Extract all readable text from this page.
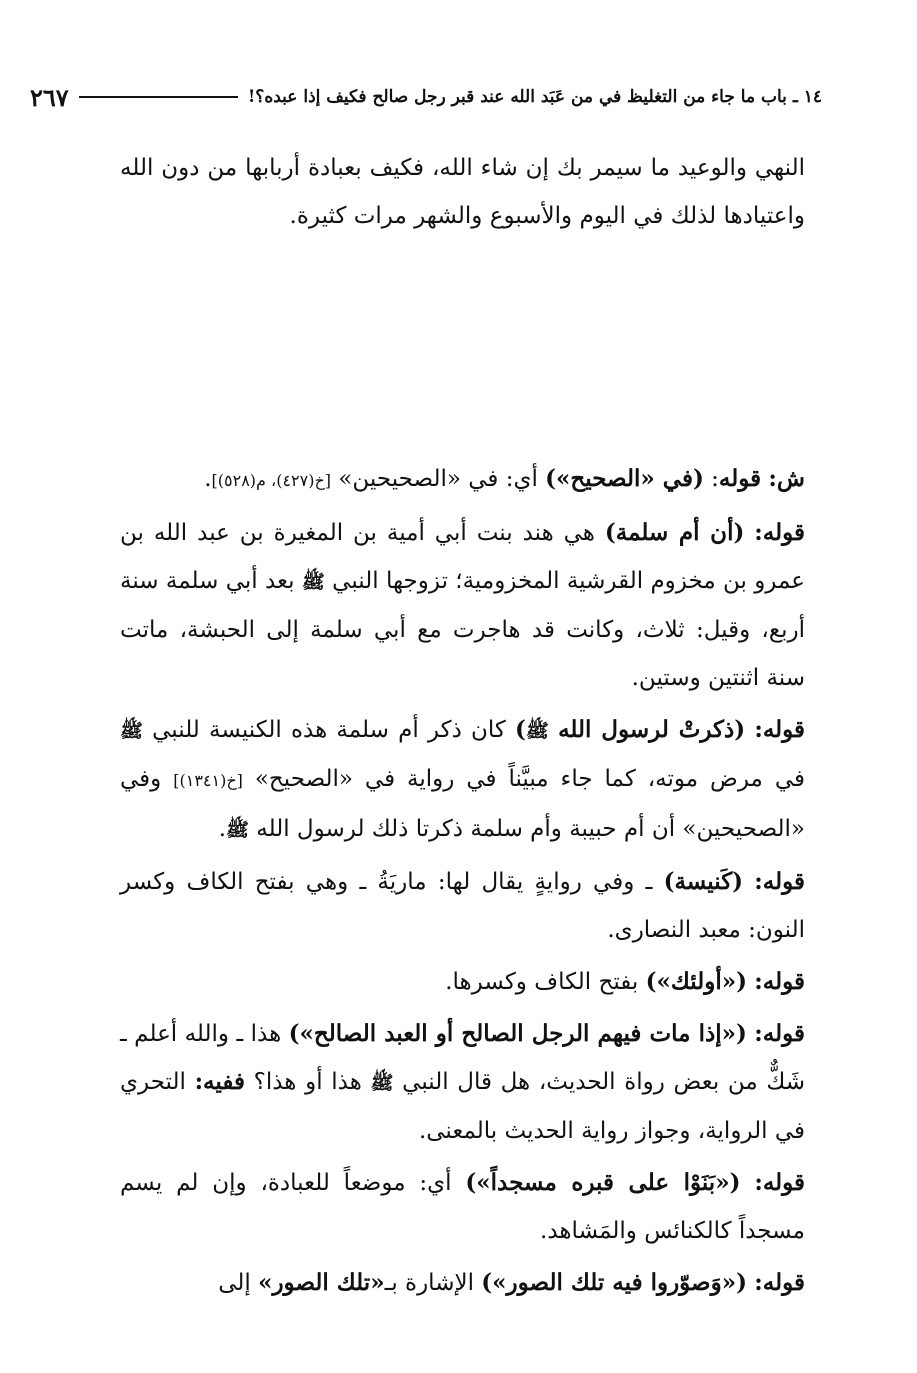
١٤ ـ باب ما جاء من التغليظ في من عَبَد الله عند قبر رجل صالح فكيف إذا عبده؟!
٢٦٧

النهي والوعيد ما سيمر بك إن شاء الله، فكيف بعبادة أربابها من دون الله واعتيادها لذلك في اليوم والأسبوع والشهر مرات كثيرة.

ش: قوله: (في «الصحيح») أي: في «الصحيحين» [خ(٤٢٧)، م(٥٢٨)].

قوله: (أن أم سلمة) هي هند بنت أبي أمية بن المغيرة بن عبد الله بن عمرو بن مخزوم القرشية المخزومية؛ تزوجها النبي ﷺ بعد أبي سلمة سنة أربع، وقيل: ثلاث، وكانت قد هاجرت مع أبي سلمة إلى الحبشة، ماتت سنة اثنتين وستين.

قوله: (ذكرتْ لرسول الله ﷺ) كان ذكر أم سلمة هذه الكنيسة للنبي ﷺ في مرض موته، كما جاء مبيَّناً في رواية في «الصحيح» [خ(١٣٤١)] وفي «الصحيحين» أن أم حبيبة وأم سلمة ذكرتا ذلك لرسول الله ﷺ.

قوله: (كَنيسة) ـ وفي روايةٍ يقال لها: ماريَةُ ـ وهي بفتح الكاف وكسر النون: معبد النصارى.

قوله: («أولئك») بفتح الكاف وكسرها.

قوله: («إذا مات فيهم الرجل الصالح أو العبد الصالح») هذا ـ والله أعلم ـ شَكٌّ من بعض رواة الحديث، هل قال النبي ﷺ هذا أو هذا؟ ففيه: التحري في الرواية، وجواز رواية الحديث بالمعنى.

قوله: («بَنَوْا على قبره مسجداً») أي: موضعاً للعبادة، وإن لم يسم مسجداً كالكنائس والمَشاهد.

قوله: («وَصوّروا فيه تلك الصور») الإشارة بـ«تلك الصور» إلى
